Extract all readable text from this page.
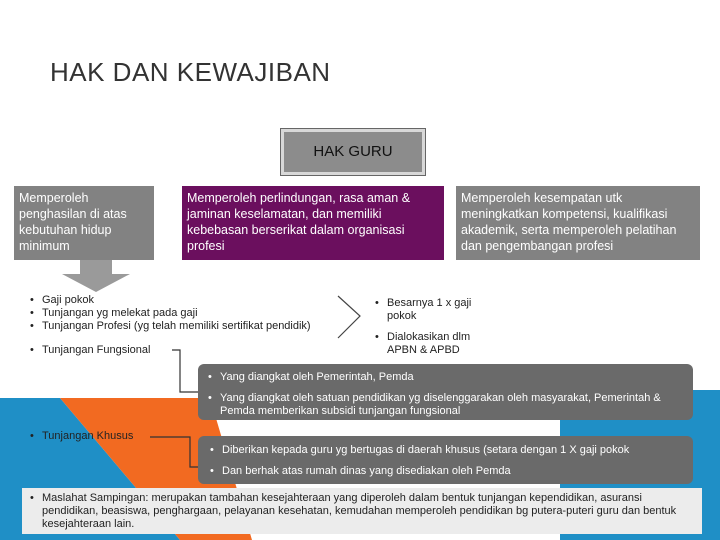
HAK DAN KEWAJIBAN
HAK GURU
Memperoleh penghasilan di atas kebutuhan hidup minimum
Memperoleh perlindungan, rasa aman & jaminan keselamatan, dan memiliki kebebasan berserikat dalam organisasi profesi
Memperoleh kesempatan utk meningkatkan kompetensi, kualifikasi akademik, serta memperoleh pelatihan dan pengembangan profesi
• Gaji pokok
• Tunjangan yg melekat pada gaji
• Tunjangan Profesi (yg telah memiliki sertifikat pendidik)
• Besarnya 1 x gaji pokok
• Dialokasikan dlm APBN & APBD
• Tunjangan Fungsional
• Yang diangkat oleh Pemerintah, Pemda
• Yang diangkat oleh satuan pendidikan yg diselenggarakan oleh masyarakat, Pemerintah & Pemda memberikan subsidi tunjangan fungsional
• Tunjangan Khusus
• Diberikan kepada guru yg bertugas di daerah khusus (setara dengan 1 X gaji pokok
• Dan berhak atas rumah dinas yang disediakan oleh Pemda
• Maslahat Sampingan: merupakan tambahan kesejahteraan yang diperoleh dalam bentuk tunjangan kependidikan, asuransi pendidikan, beasiswa, penghargaan, pelayanan kesehatan, kemudahan memperoleh pendidikan bg putera-puteri guru dan bentuk kesejahteraan lain.
